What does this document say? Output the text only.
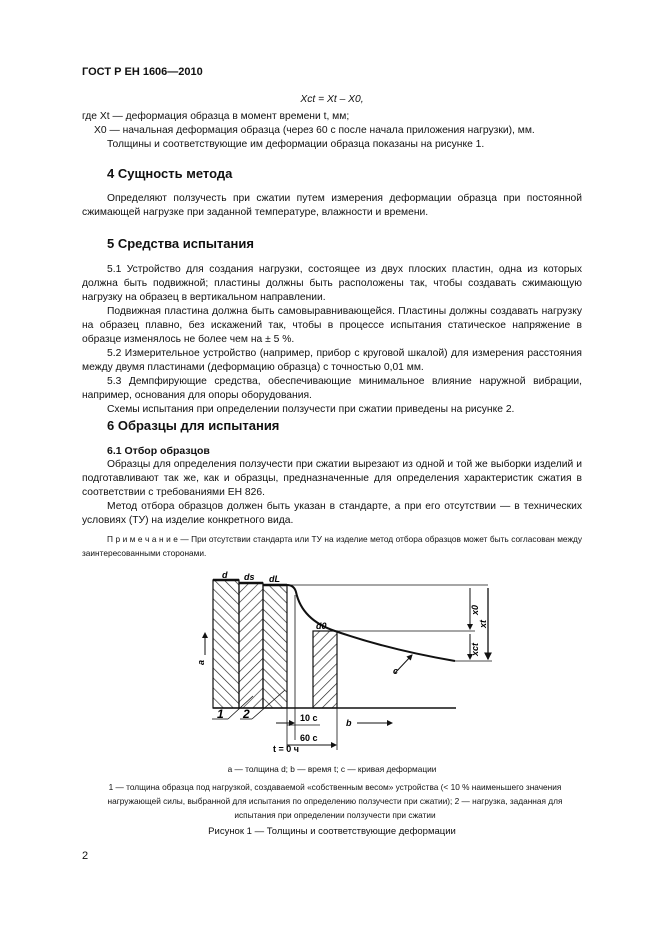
ГОСТ Р ЕН 1606—2010
Xct = Xt – X0,
где Xt — деформация образца в момент времени t, мм;
X0 — начальная деформация образца (через 60 с после начала приложения нагрузки), мм.
Толщины и соответствующие им деформации образца показаны на рисунке 1.
4 Сущность метода
Определяют ползучесть при сжатии путем измерения деформации образца при постоянной сжимающей нагрузке при заданной температуре, влажности и времени.
5 Средства испытания
5.1 Устройство для создания нагрузки, состоящее из двух плоских пластин, одна из которых должна быть подвижной; пластины должны быть расположены так, чтобы создавать сжимающую нагрузку на образец в вертикальном направлении.
Подвижная пластина должна быть самовыравнивающейся. Пластины должны создавать нагрузку на образец плавно, без искажений так, чтобы в процессе испытания статическое напряжение в образце изменялось не более чем на ± 5 %.
5.2 Измерительное устройство (например, прибор с круговой шкалой) для измерения расстояния между двумя пластинами (деформацию образца) с точностью 0,01 мм.
5.3 Демпфирующие средства, обеспечивающие минимальное влияние наружной вибрации, например, основания для опоры оборудования.
Схемы испытания при определении ползучести при сжатии приведены на рисунке 2.
6 Образцы для испытания
6.1 Отбор образцов
Образцы для определения ползучести при сжатии вырезают из одной и той же выборки изделий и подготавливают так же, как и образцы, предназначенные для определения характеристик сжатия в соответствии с требованиями ЕН 826.
Метод отбора образцов должен быть указан в стандарте, а при его отсутствии — в технических условиях (ТУ) на изделие конкретного вида.
П р и м е ч а н и е — При отсутствии стандарта или ТУ на изделие метод отбора образцов может быть согласован между заинтересованными сторонами.
d ds dL
d0
x0
xct
xt
a
b
c
1 2	10 с
60 с
t = 0 ч
a — толщина d; b — время t; c — кривая деформации
1 — толщина образца под нагрузкой, создаваемой «собственным весом» устройства (< 10 % наименьшего значения нагружающей силы, выбранной для испытания по определению ползучести при сжатии); 2 — нагрузка, заданная для испытания при определении ползучести при сжатии
Рисунок 1 — Толщины и соответствующие деформации
2
